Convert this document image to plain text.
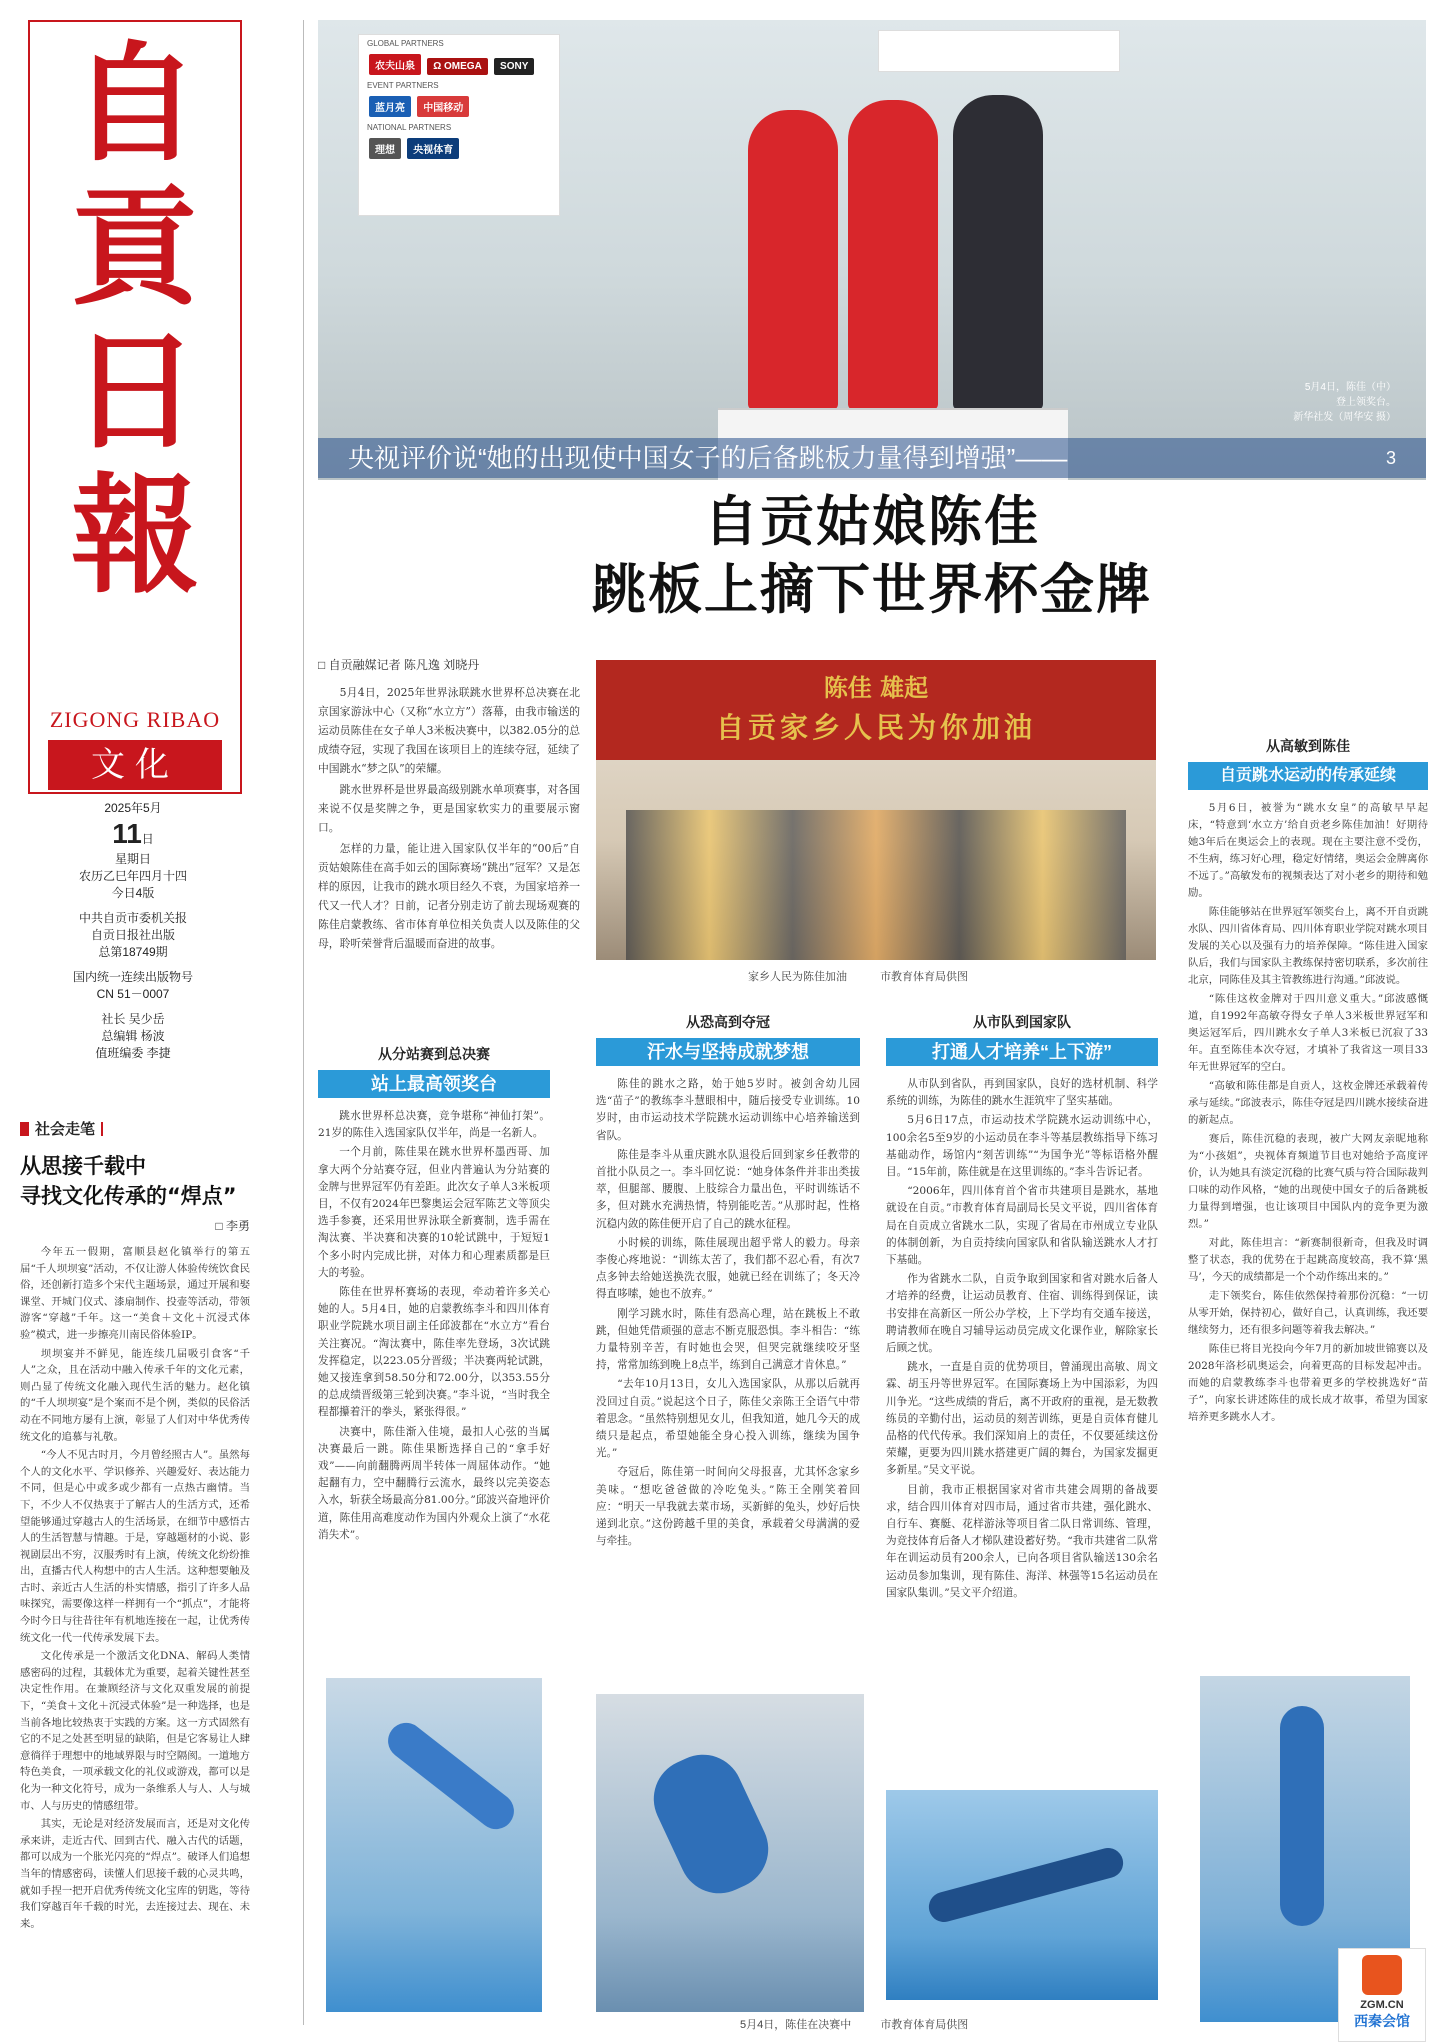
自
貢
日
報
ZIGONG RIBAO
文化
2025年5月
11日
星期日
农历乙巳年四月十四
今日4版
中共自贡市委机关报
自贡日报社出版
总第18749期
国内统一连续出版物号
CN 51－0007
社长 吴少岳
总编辑 杨波
值班编委 李捷
社会走笔
从思接千载中
寻找文化传承的“焊点”
□ 李勇

今年五一假期，富顺县赵化镇举行的第五届“千人坝坝宴”活动，不仅让游人体验传统饮食民俗，还创新打造多个宋代主题场景，通过开展和娶课堂、开城门仪式、漆扇制作、投壶等活动，带领游客“穿越”千年。这一“美食＋文化＋沉浸式体验”模式，进一步擦亮川南民俗体验IP。

坝坝宴并不鲜见，能连续几届吸引食客“千人”之众，且在活动中融入传承千年的文化元素，则凸显了传统文化融入现代生活的魅力。赵化镇的“千人坝坝宴”是个案而不是个例，类似的民俗活动在不同地方屡有上演，彰显了人们对中华优秀传统文化的追慕与礼敬。

“今人不见古时月，今月曾经照古人”。虽然每个人的文化水平、学识修养、兴趣爱好、表达能力不同，但是心中或多或少都有一点热古幽情。当下，不少人不仅热衷于了解古人的生活方式，还希望能够通过穿越古人的生活场景，在细节中感悟古人的生活智慧与情趣。于是，穿越题材的小说、影视剧层出不穷，汉服秀时有上演，传统文化纷纷推出，直播古代人构想中的古人生活。这种想要触及古时、亲近古人生活的朴实情感，指引了许多人品味探究，需要像这样一样拥有一个“抓点”，才能将今时今日与往昔往年有机地连接在一起，让优秀传统文化一代一代传承发展下去。

文化传承是一个激活文化DNA、解码人类情感密码的过程，其载体尤为重要，起着关键性甚至决定性作用。在兼顾经济与文化双重发展的前提下，“美食＋文化＋沉浸式体验”是一种选择，也是当前各地比较热衷于实践的方案。这一方式固然有它的不足之处甚至明显的缺陷，但是它客易让人肆意徜徉于理想中的地域界限与时空隔阂。一道地方特色美食，一项承载文化的礼仪或游戏，都可以是化为一种文化符号，成为一条维系人与人、人与城市、人与历史的情感纽带。

其实，无论是对经济发展而言，还是对文化传承来讲，走近古代、回到古代、融入古代的话题，都可以成为一个胀光闪亮的“焊点”。破译人们追想当年的情感密码，读懂人们思接千载的心灵共鸣，就如手捏一把开启优秀传统文化宝库的钥匙，等待我们穿越百年千载的时光，去连接过去、现在、未来。

GLOBAL PARTNERS
农夫山泉 Ω OMEGA SONY
EVENT PARTNERS
蓝月亮 中国移动
NATIONAL PARTNERS
理想 央视体育
5月4日，陈佳（中）
登上领奖台。
新华社发（周华安 摄）
央视评价说“她的出现使中国女子的后备跳板力量得到增强”——	3
自贡姑娘陈佳
跳板上摘下世界杯金牌
□ 自贡融媒记者 陈凡逸 刘晓丹

5月4日，2025年世界泳联跳水世界杯总决赛在北京国家游泳中心（又称“水立方”）落幕，由我市输送的运动员陈佳在女子单人3米板决赛中，以382.05分的总成绩夺冠，实现了我国在该项目上的连续夺冠，延续了中国跳水“梦之队”的荣耀。

跳水世界杯是世界最高级别跳水单项赛事，对各国来说不仅是奖牌之争，更是国家软实力的重要展示窗口。

怎样的力量，能让进入国家队仅半年的“00后”自贡姑娘陈佳在高手如云的国际赛场“跳出”冠军？又是怎样的原因，让我市的跳水项目经久不衰，为国家培养一代又一代人才？日前，记者分别走访了前去现场观赛的陈佳启蒙教练、省市体育单位相关负责人以及陈佳的父母，聆听荣誉背后温暖而奋进的故事。

陈佳 雄起
自贡家乡人民为你加油
家乡人民为陈佳加油	市教育体育局供图
从分站赛到总决赛
站上最高领奖台

跳水世界杯总决赛，竞争堪称“神仙打架”。21岁的陈佳入选国家队仅半年，尚是一名新人。

一个月前，陈佳果在跳水世界杯墨西哥、加拿大两个分站赛夺冠，但业内普遍认为分站赛的金牌与世界冠军仍有差距。此次女子单人3米板项目，不仅有2024年巴黎奥运会冠军陈艺文等顶尖选手参赛，还采用世界泳联全新赛制，选手需在淘汰赛、半决赛和决赛的10轮试跳中，于短短1个多小时内完成比拼，对体力和心理素质都是巨大的考验。

陈佳在世界杯赛场的表现，牵动着许多关心她的人。5月4日，她的启蒙教练李斗和四川体育职业学院跳水项目副主任邱波都在“水立方”看台关注赛况。“淘汰赛中，陈佳率先登场，3次试跳发挥稳定，以223.05分晋级；半决赛两轮试跳，她又接连拿到58.50分和72.00分，以353.55分的总成绩晋级第三轮到决赛。”李斗说，“当时我全程都攥着汗的拳头，紧张得很。”

决赛中，陈佳渐入佳境，最扣人心弦的当属决赛最后一跳。陈佳果断选择自己的“拿手好戏”——向前翻腾两周半转体一周屈体动作。“她起翻有力，空中翻腾行云流水，最终以完美姿态入水，斩获全场最高分81.00分。”邱波兴奋地评价道，陈佳用高难度动作为国内外观众上演了“水花消失术”。

从恐高到夺冠
汗水与坚持成就梦想

陈佳的跳水之路，始于她5岁时。被剑舍幼儿园选“苗子”的教练李斗慧眼相中，随后接受专业训练。10岁时，由市运动技术学院跳水运动训练中心培养输送到省队。

陈佳是李斗从重庆跳水队退役后回到家乡任教带的首批小队员之一。李斗回忆说：“她身体条件并非出类拔萃，但腿部、腰腹、上肢综合力量出色，平时训练话不多，但对跳水充满热情，特别能吃苦。”从那时起，性格沉稳内敛的陈佳便开启了自己的跳水征程。

小时候的训练，陈佳展现出超乎常人的毅力。母亲李俊心疼地说：“训练太苦了，我们都不忍心看，有次7点多钟去给她送换洗衣服，她就已经在训练了；冬天冷得直哆嗦，她也不放弃。”

刚学习跳水时，陈佳有恐高心理，站在跳板上不敢跳，但她凭借顽强的意志不断克服恐惧。李斗相告：“练力量特别辛苦，有时她也会哭，但哭完就继续咬牙坚持，常常加练到晚上8点半，练到自己满意才肯休息。”

“去年10月13日，女儿入选国家队，从那以后就再没回过自贡。”说起这个日子，陈佳父亲陈王全语气中带着思念。“虽然特别想见女儿，但我知道，她几今天的成绩只是起点，希望她能全身心投入训练，继续为国争光。”

夺冠后，陈佳第一时间向父母报喜，尤其怀念家乡美味。“想吃爸爸做的冷吃兔头。”陈王全刚笑着回应：“明天一早我就去菜市场，买新鲜的兔头，炒好后快递到北京。”这份跨越千里的美食，承载着父母满满的爱与牵挂。

从市队到国家队
打通人才培养“上下游”

从市队到省队，再到国家队，良好的选材机制、科学系统的训练，为陈佳的跳水生涯筑牢了坚实基础。

5月6日17点，市运动技术学院跳水运动训练中心，100余名5至9岁的小运动员在李斗等基层教练指导下练习基础动作，场馆内“刻苦训练”“为国争光”等标语格外醒目。“15年前，陈佳就是在这里训练的。”李斗告诉记者。

“2006年，四川体育首个省市共建项目是跳水，基地就设在自贡。”市教育体育局副局长吴文平说，四川省体育局在自贡成立省跳水二队，实现了省局在市州成立专业队的体制创新，为自贡持续向国家队和省队输送跳水人才打下基础。

作为省跳水二队，自贡争取到国家和省对跳水后备人才培养的经费，让运动员教育、住宿、训练得到保证，读书安排在高新区一所公办学校，上下学均有交通车接送，聘请教师在晚自习辅导运动员完成文化课作业，解除家长后顾之忧。

跳水，一直是自贡的优势项目，曾涌现出高敏、周文霖、胡玉丹等世界冠军。在国际赛场上为中国添彩，为四川争光。“这些成绩的背后，离不开政府的重视，是无数教练员的辛勤付出，运动员的刻苦训练，更是自贡体育健儿品格的代代传承。我们深知肩上的责任，不仅要延续这份荣耀，更要为四川跳水搭建更广阔的舞台，为国家发掘更多新星。”吴文平说。

目前，我市正根据国家对省市共建会周期的备战要求，结合四川体育对四市局，通过省市共建，强化跳水、自行车、赛艇、花样游泳等项目省二队日常训练、管理，为竞技体育后备人才梯队建设蓄好势。“我市共建省二队常年在训运动员有200余人，已向各项目省队输送130余名运动员参加集训，现有陈佳、海洋、林强等15名运动员在国家队集训。”吴文平介绍道。

从高敏到陈佳
自贡跳水运动的传承延续

5月6日，被誉为“跳水女皇”的高敏早早起床，“特意到‘水立方’给自贡老乡陈佳加油！好期待她3年后在奥运会上的表现。现在主要注意不受伤，不生病，练习好心理，稳定好情绪，奥运会金牌离你不远了。”高敏发布的视频表达了对小老乡的期待和勉励。

陈佳能够站在世界冠军领奖台上，离不开自贡跳水队、四川省体育局、四川体育职业学院对跳水项目发展的关心以及强有力的培养保障。“陈佳进入国家队后，我们与国家队主教练保持密切联系，多次前往北京，同陈佳及其主管教练进行沟通。”邱波说。

“陈佳这枚金牌对于四川意义重大。”邱波感慨道，自1992年高敏夺得女子单人3米板世界冠军和奥运冠军后，四川跳水女子单人3米板已沉寂了33年。直至陈佳本次夺冠，才填补了我省这一项目33年无世界冠军的空白。

“高敏和陈佳都是自贡人，这枚金牌还承载着传承与延续。”邱波表示，陈佳夺冠是四川跳水接续奋进的新起点。

赛后，陈佳沉稳的表现，被广大网友亲昵地称为“小孩姐”，央视体育频道节目也对她给予高度评价，认为她具有淡定沉稳的比赛气质与符合国际裁判口味的动作风格，“她的出现使中国女子的后备跳板力量得到增强，也让该项目中国队内的竞争更为激烈。”

对此，陈佳坦言：“新赛制很新奇，但我及时调整了状态，我的优势在于起跳高度较高，我不算‘黑马’，今天的成绩都是一个个动作练出来的。”

走下领奖台，陈佳依然保持着那份沉稳：“一切从零开始，保持初心，做好自己，认真训练，我还要继续努力，还有很多问题等着我去解决。”

陈佳已将目光投向今年7月的新加坡世锦赛以及2028年洛杉矶奥运会，向着更高的目标发起冲击。而她的启蒙教练李斗也带着更多的学校挑选好“苗子”，向家长讲述陈佳的成长成才故事，希望为国家培养更多跳水人才。

5月4日，陈佳在决赛中	市教育体育局供图
ZGM.CN
西秦会馆
